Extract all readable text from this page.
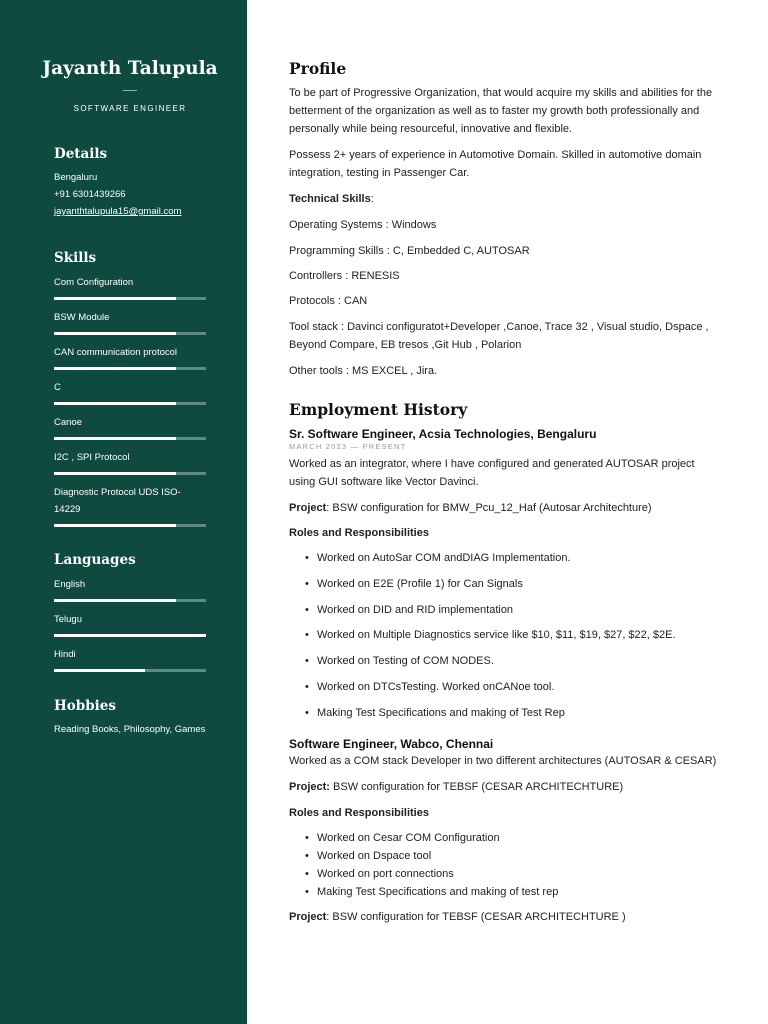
Jayanth Talupula
SOFTWARE ENGINEER
Details
Bengaluru
+91 6301439266
jayanthtalupula15@gmail.com
Skills
Com Configuration
BSW Module
CAN communication protocol
C
Canoe
I2C , SPI Protocol
Diagnostic Protocol UDS ISO-14229
Languages
English
Telugu
Hindi
Hobbies
Reading Books, Philosophy, Games
Profile
To be part of Progressive Organization, that would acquire my skills and abilities for the betterment of the organization as well as to faster my growth both professionally and personally while being resourceful, innovative and flexible.
Possess 2+ years of experience in Automotive Domain. Skilled in automotive domain integration, testing in Passenger Car.
Technical Skills:
Operating Systems : Windows
Programming Skills : C, Embedded C, AUTOSAR
Controllers : RENESIS
Protocols : CAN
Tool stack : Davinci configuratot+Developer ,Canoe, Trace 32 , Visual studio, Dspace , Beyond Compare, EB tresos ,Git Hub , Polarion
Other tools : MS EXCEL , Jira.
Employment History
Sr. Software Engineer, Acsia Technologies, Bengaluru
MARCH 2023 — PRESENT
Worked as an integrator, where I have configured and generated AUTOSAR project using GUI software like Vector Davinci.
Project: BSW configuration for BMW_Pcu_12_Haf (Autosar Architechture)
Roles and Responsibilities
• Worked on AutoSar COM andDIAG Implementation.
• Worked on E2E (Profile 1) for Can Signals
• Worked on DID and RID implementation
• Worked on Multiple Diagnostics service like $10, $11, $19, $27, $22, $2E.
• Worked on Testing of COM NODES.
• Worked on DTCsTesting. Worked onCANoe tool.
• Making Test Specifications and making of Test Rep
Software Engineer, Wabco, Chennai
Worked as a COM stack Developer in two different architectures (AUTOSAR & CESAR)
Project: BSW configuration for TEBSF (CESAR ARCHITECHTURE)
Roles and Responsibilities
• Worked on Cesar COM Configuration
• Worked on Dspace tool
• Worked on port connections
• Making Test Specifications and making of test rep
Project: BSW configuration for TEBSF (CESAR ARCHITECHTURE )
